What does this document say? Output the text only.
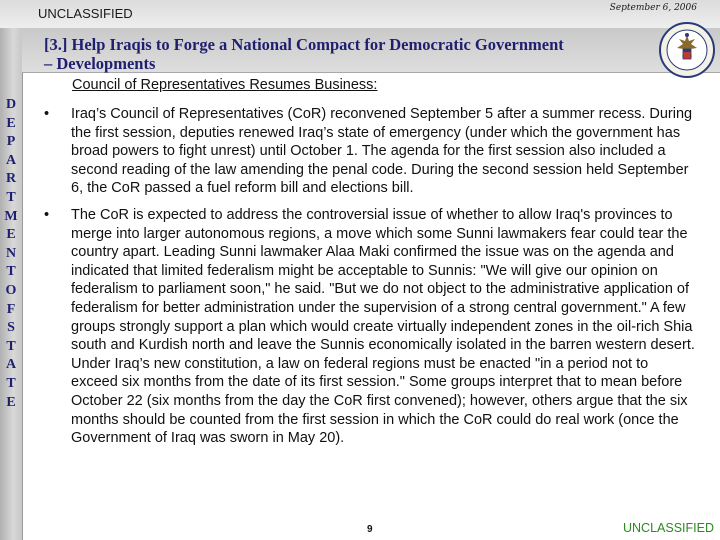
UNCLASSIFIED	September 6, 2006
[3.] Help Iraqis to Forge a National Compact for Democratic Government
– Developments
DEPARTMENT OF STATE
Council of Representatives Resumes Business:
• Iraq’s Council of Representatives (CoR) reconvened September 5 after a summer recess. During the first session, deputies renewed Iraq’s state of emergency (under which the government has broad powers to fight unrest) until October 1. The agenda for the first session also included a second reading of the law amending the penal code. During the second session held September 6, the CoR passed a fuel reform bill and elections bill.
• The CoR is expected to address the controversial issue of whether to allow Iraq's provinces to merge into larger autonomous regions, a move which some Sunni lawmakers fear could tear the country apart. Leading Sunni lawmaker Alaa Maki confirmed the issue was on the agenda and indicated that limited federalism might be acceptable to Sunnis: "We will give our opinion on federalism to parliament soon," he said. "But we do not object to the administrative application of federalism for better administration under the supervision of a strong central government." A few groups strongly support a plan which would create virtually independent zones in the oil-rich Shia south and Kurdish north and leave the Sunnis economically isolated in the barren western desert. Under Iraq’s new constitution, a law on federal regions must be enacted "in a period not to exceed six months from the date of its first session." Some groups interpret that to mean before October 22 (six months from the day the CoR first convened); however, others argue that the six months should be counted from the first session in which the CoR could do real work (once the Government of Iraq was sworn in May 20).
9	UNCLASSIFIED
